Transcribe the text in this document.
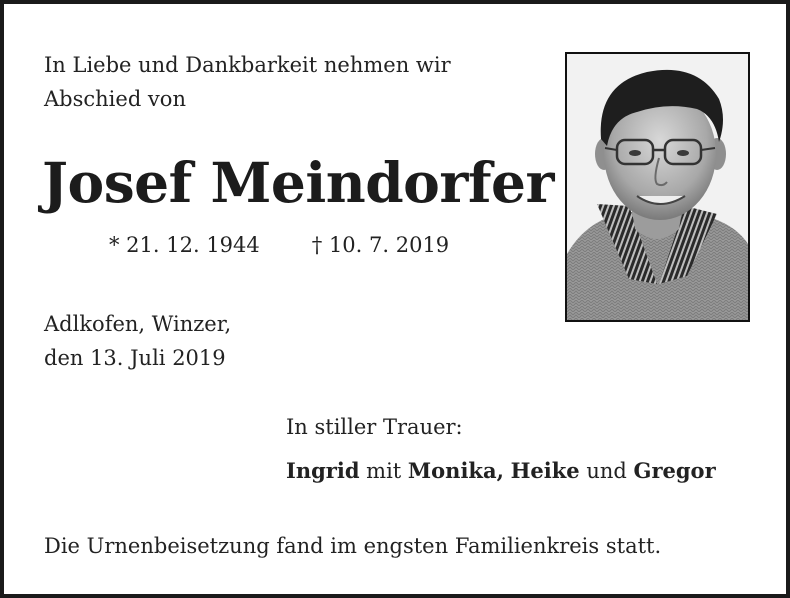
In Liebe und Dankbarkeit nehmen wir
Abschied von
Josef Meindorfer
* 21. 12. 1944 † 10. 7. 2019
Adlkofen, Winzer,
den 13. Juli 2019
In stiller Trauer:
Ingrid mit Monika, Heike und Gregor
Die Urnenbeisetzung fand im engsten Familienkreis statt.
